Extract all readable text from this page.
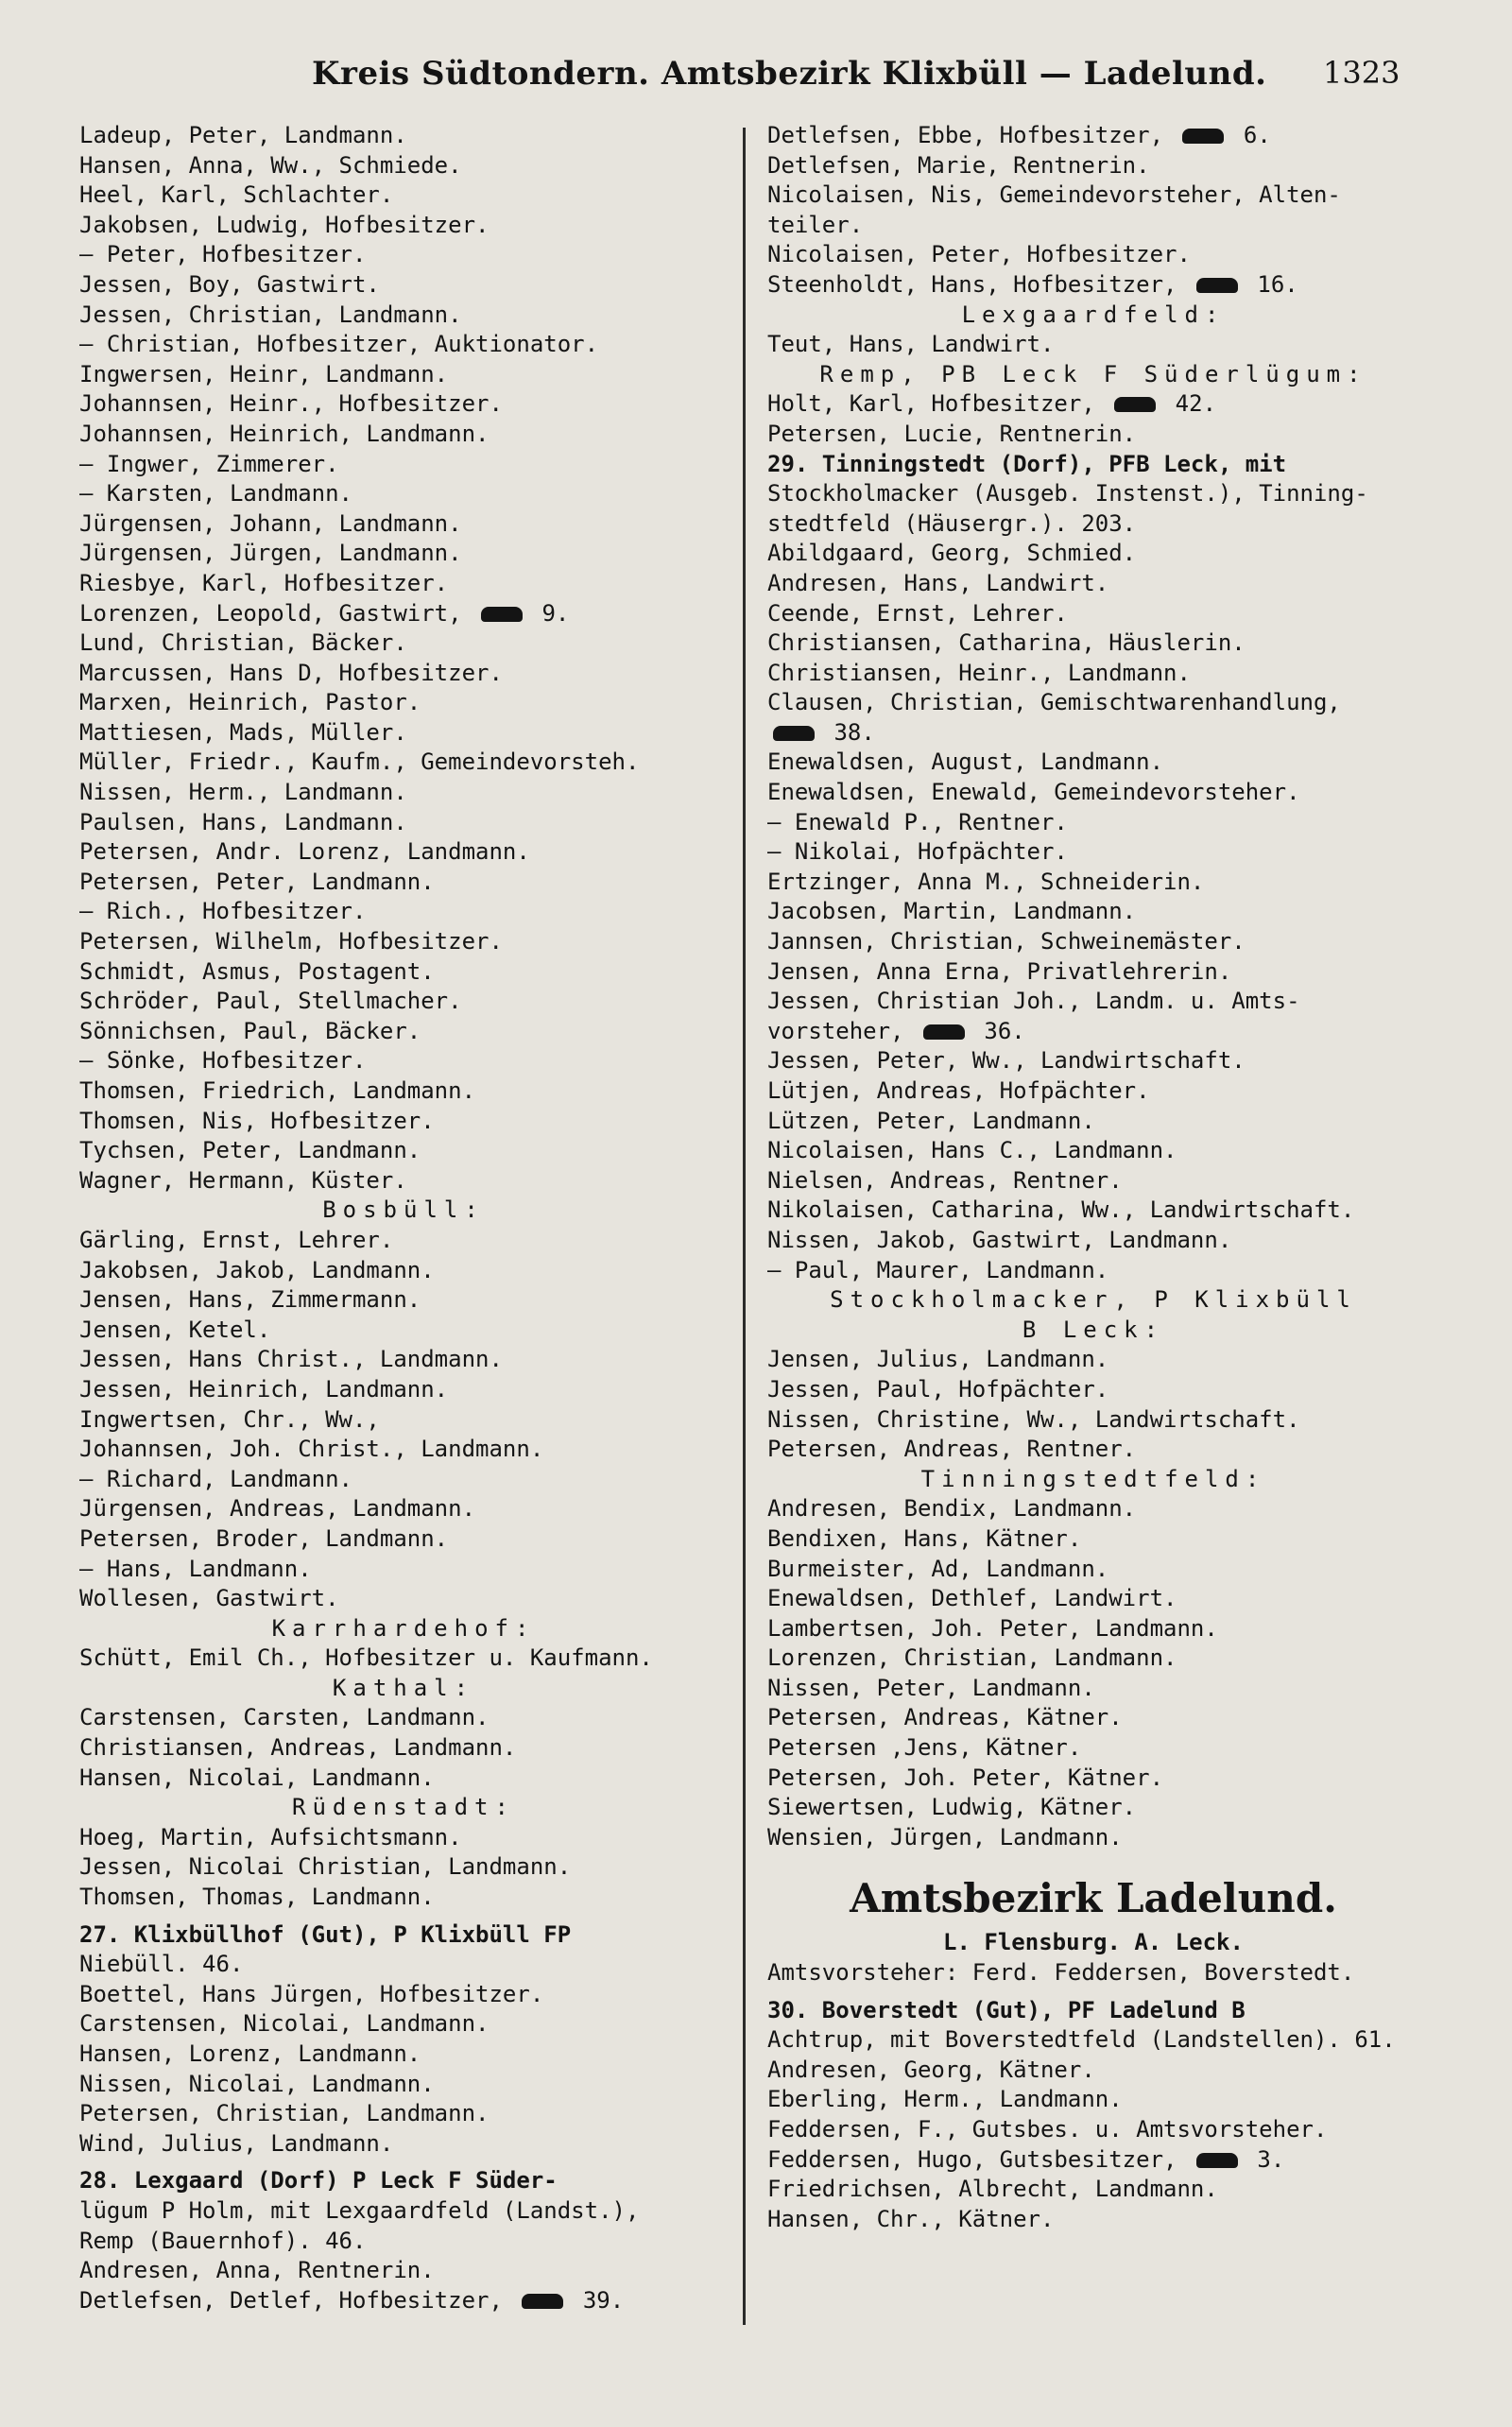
Kreis Südtondern. Amtsbezirk Klixbüll — Ladelund. 1323
Ladeup, Peter, Landmann.
Hansen, Anna, Ww., Schmiede.
Heel, Karl, Schlachter.
Jakobsen, Ludwig, Hofbesitzer.
— Peter, Hofbesitzer.
Jessen, Boy, Gastwirt.
Jessen, Christian, Landmann.
— Christian, Hofbesitzer, Auktionator.
Ingwersen, Heinr, Landmann.
Johannsen, Heinr., Hofbesitzer.
Johannsen, Heinrich, Landmann.
— Ingwer, Zimmerer.
— Karsten, Landmann.
Jürgensen, Johann, Landmann.
Jürgensen, Jürgen, Landmann.
Riesbye, Karl, Hofbesitzer.
Lorenzen, Leopold, Gastwirt,  9.
Lund, Christian, Bäcker.
Marcussen, Hans D, Hofbesitzer.
Marxen, Heinrich, Pastor.
Mattiesen, Mads, Müller.
Müller, Friedr., Kaufm., Gemeindevorsteh.
Nissen, Herm., Landmann.
Paulsen, Hans, Landmann.
Petersen, Andr. Lorenz, Landmann.
Petersen, Peter, Landmann.
— Rich., Hofbesitzer.
Petersen, Wilhelm, Hofbesitzer.
Schmidt, Asmus, Postagent.
Schröder, Paul, Stellmacher.
Sönnichsen, Paul, Bäcker.
— Sönke, Hofbesitzer.
Thomsen, Friedrich, Landmann.
Thomsen, Nis, Hofbesitzer.
Tychsen, Peter, Landmann.
Wagner, Hermann, Küster.
Bosbüll:
Gärling, Ernst, Lehrer.
Jakobsen, Jakob, Landmann.
Jensen, Hans, Zimmermann.
Jensen, Ketel.
Jessen, Hans Christ., Landmann.
Jessen, Heinrich, Landmann.
Ingwertsen, Chr., Ww.,
Johannsen, Joh. Christ., Landmann.
— Richard, Landmann.
Jürgensen, Andreas, Landmann.
Petersen, Broder, Landmann.
— Hans, Landmann.
Wollesen, Gastwirt.
Karrhardehof:
Schütt, Emil Ch., Hofbesitzer u. Kaufmann.
Kathal:
Carstensen, Carsten, Landmann.
Christiansen, Andreas, Landmann.
Hansen, Nicolai, Landmann.
Rüdenstadt:
Hoeg, Martin, Aufsichtsmann.
Jessen, Nicolai Christian, Landmann.
Thomsen, Thomas, Landmann.
27. Klixbüllhof (Gut), P Klixbüll FP
Niebüll. 46.
Boettel, Hans Jürgen, Hofbesitzer.
Carstensen, Nicolai, Landmann.
Hansen, Lorenz, Landmann.
Nissen, Nicolai, Landmann.
Petersen, Christian, Landmann.
Wind, Julius, Landmann.
28. Lexgaard (Dorf) P Leck F Süder-
lügum P Holm, mit Lexgaardfeld (Landst.),
Remp (Bauernhof). 46.
Andresen, Anna, Rentnerin.
Detlefsen, Detlef, Hofbesitzer,  39.
Detlefsen, Ebbe, Hofbesitzer,  6.
Detlefsen, Marie, Rentnerin.
Nicolaisen, Nis, Gemeindevorsteher, Alten-
teiler.
Nicolaisen, Peter, Hofbesitzer.
Steenholdt, Hans, Hofbesitzer,  16.
Lexgaardfeld:
Teut, Hans, Landwirt.
Remp, PB Leck F Süderlügum:
Holt, Karl, Hofbesitzer,  42.
Petersen, Lucie, Rentnerin.
29. Tinningstedt (Dorf), PFB Leck, mit
Stockholmacker (Ausgeb. Instenst.), Tinning-
stedtfeld (Häusergr.). 203.
Abildgaard, Georg, Schmied.
Andresen, Hans, Landwirt.
Ceende, Ernst, Lehrer.
Christiansen, Catharina, Häuslerin.
Christiansen, Heinr., Landmann.
Clausen, Christian, Gemischtwarenhandlung,
38.
Enewaldsen, August, Landmann.
Enewaldsen, Enewald, Gemeindevorsteher.
— Enewald P., Rentner.
— Nikolai, Hofpächter.
Ertzinger, Anna M., Schneiderin.
Jacobsen, Martin, Landmann.
Jannsen, Christian, Schweinemäster.
Jensen, Anna Erna, Privatlehrerin.
Jessen, Christian Joh., Landm. u. Amts-
vorsteher,  36.
Jessen, Peter, Ww., Landwirtschaft.
Lütjen, Andreas, Hofpächter.
Lützen, Peter, Landmann.
Nicolaisen, Hans C., Landmann.
Nielsen, Andreas, Rentner.
Nikolaisen, Catharina, Ww., Landwirtschaft.
Nissen, Jakob, Gastwirt, Landmann.
— Paul, Maurer, Landmann.
Stockholmacker, P Klixbüll
B Leck:
Jensen, Julius, Landmann.
Jessen, Paul, Hofpächter.
Nissen, Christine, Ww., Landwirtschaft.
Petersen, Andreas, Rentner.
Tinningstedtfeld:
Andresen, Bendix, Landmann.
Bendixen, Hans, Kätner.
Burmeister, Ad, Landmann.
Enewaldsen, Dethlef, Landwirt.
Lambertsen, Joh. Peter, Landmann.
Lorenzen, Christian, Landmann.
Nissen, Peter, Landmann.
Petersen, Andreas, Kätner.
Petersen ,Jens, Kätner.
Petersen, Joh. Peter, Kätner.
Siewertsen, Ludwig, Kätner.
Wensien, Jürgen, Landmann.
Amtsbezirk Ladelund.
L. Flensburg. A. Leck.
Amtsvorsteher: Ferd. Feddersen, Boverstedt.
30. Boverstedt (Gut), PF Ladelund B
Achtrup, mit Boverstedtfeld (Landstellen). 61.
Andresen, Georg, Kätner.
Eberling, Herm., Landmann.
Feddersen, F., Gutsbes. u. Amtsvorsteher.
Feddersen, Hugo, Gutsbesitzer,  3.
Friedrichsen, Albrecht, Landmann.
Hansen, Chr., Kätner.
